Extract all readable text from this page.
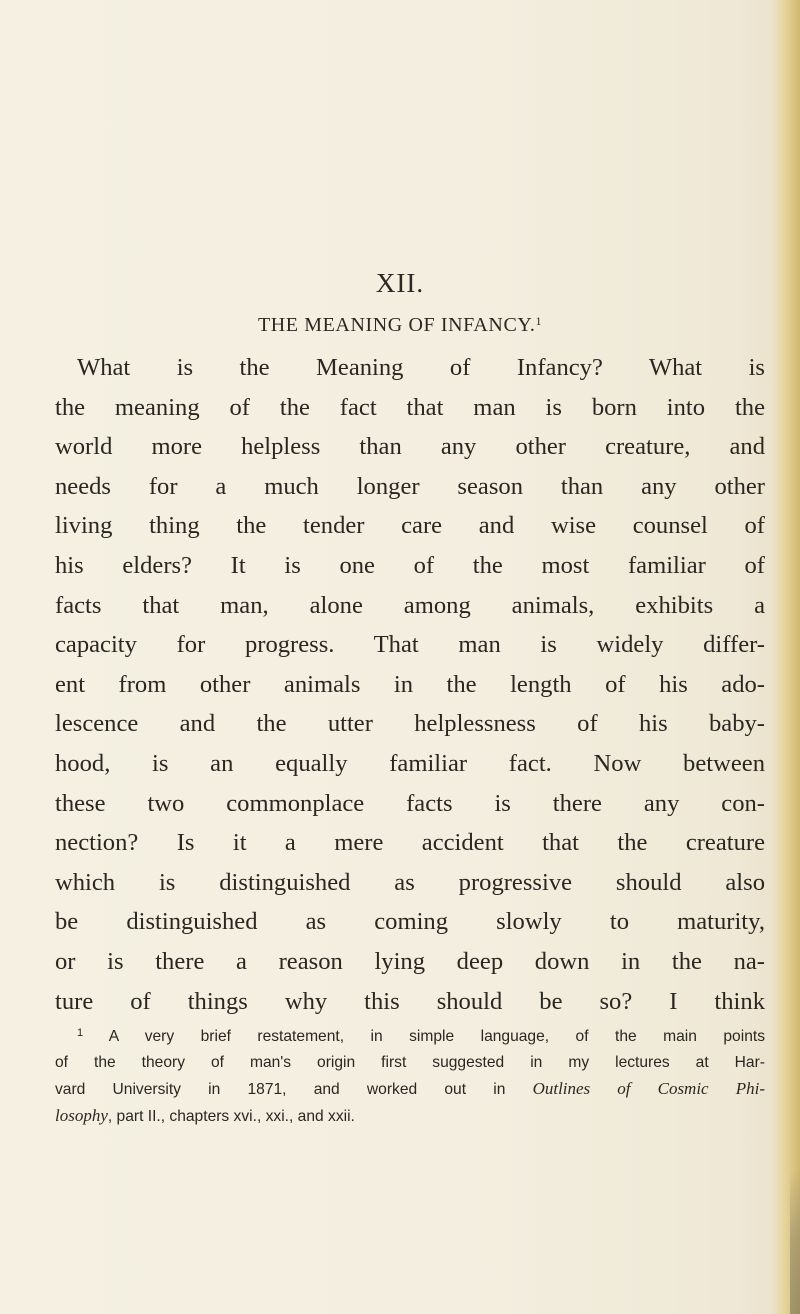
XII.
THE MEANING OF INFANCY.$^1$
What is the Meaning of Infancy? What is
the meaning of the fact that man is born into the
world more helpless than any other creature, and
needs for a much longer season than any other
living thing the tender care and wise counsel of
his elders? It is one of the most familiar of
facts that man, alone among animals, exhibits a
capacity for progress. That man is widely differ-
ent from other animals in the length of his ado-
lescence and the utter helplessness of his baby-
hood, is an equally familiar fact. Now between
these two commonplace facts is there any con-
nection? Is it a mere accident that the creature
which is distinguished as progressive should also
be distinguished as coming slowly to maturity,
or is there a reason lying deep down in the na-
ture of things why this should be so? I think
$^1$ A very brief restatement, in simple language, of the main points
of the theory of man's origin first suggested in my lectures at Har-
vard University in 1871, and worked out in Outlines of Cosmic Phi-
losophy, part II., chapters xvi., xxi., and xxii.
